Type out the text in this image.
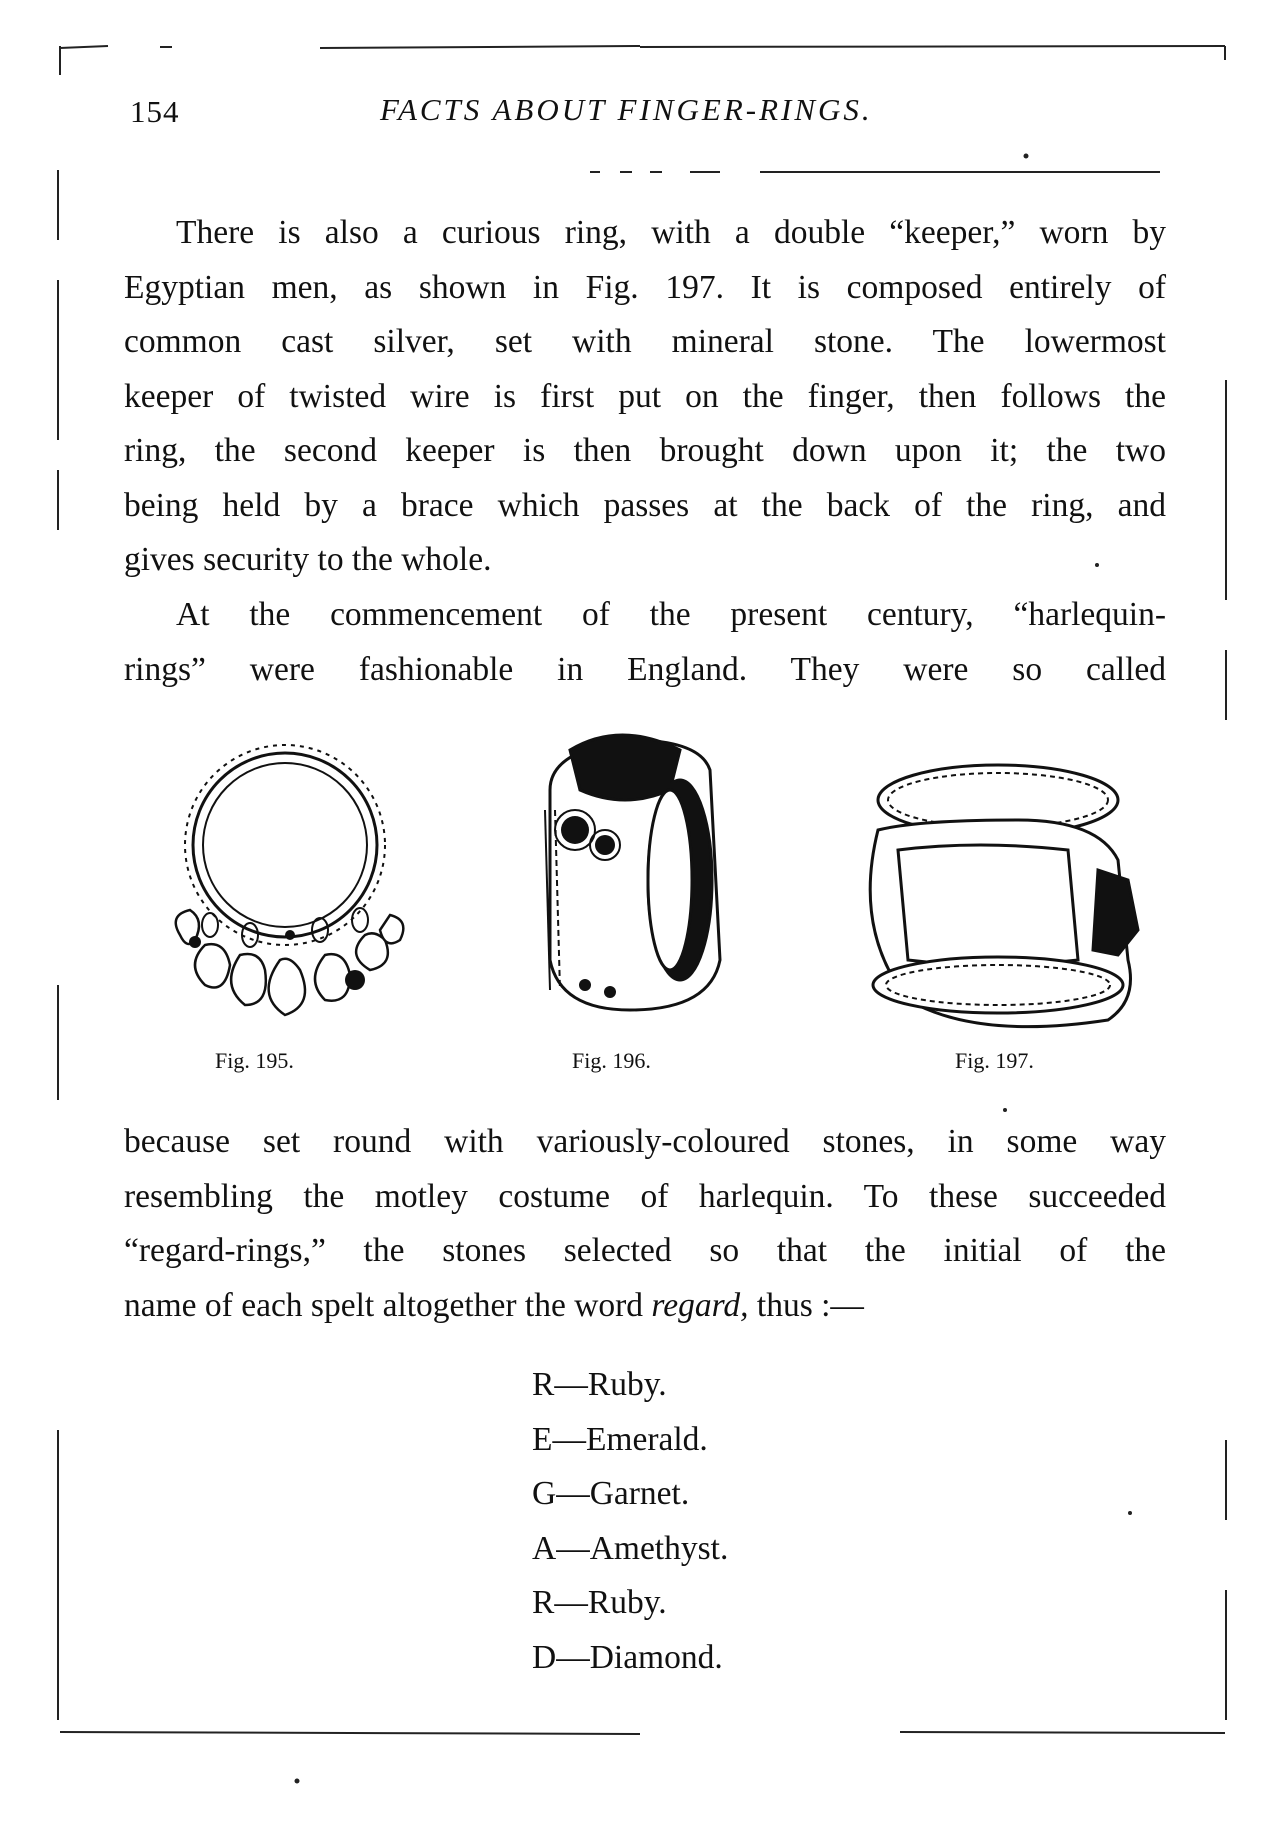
154	FACTS ABOUT FINGER-RINGS.
There is also a curious ring, with a double “keeper,” worn by
Egyptian men, as shown in Fig. 197. It is composed entirely of
common cast silver, set with mineral stone. The lowermost
keeper of twisted wire is first put on the finger, then follows the
ring, the second keeper is then brought down upon it; the two
being held by a brace which passes at the back of the ring, and
gives security to the whole.
At the commencement of the present century, “harlequin-
rings” were fashionable in England. They were so called
Fig. 195.	Fig. 196.	Fig. 197.
because set round with variously-coloured stones, in some way
resembling the motley costume of harlequin. To these succeeded
“regard-rings,” the stones selected so that the initial of the
name of each spelt altogether the word regard, thus :—
R—Ruby.
E—Emerald.
G—Garnet.
A—Amethyst.
R—Ruby.
D—Diamond.
